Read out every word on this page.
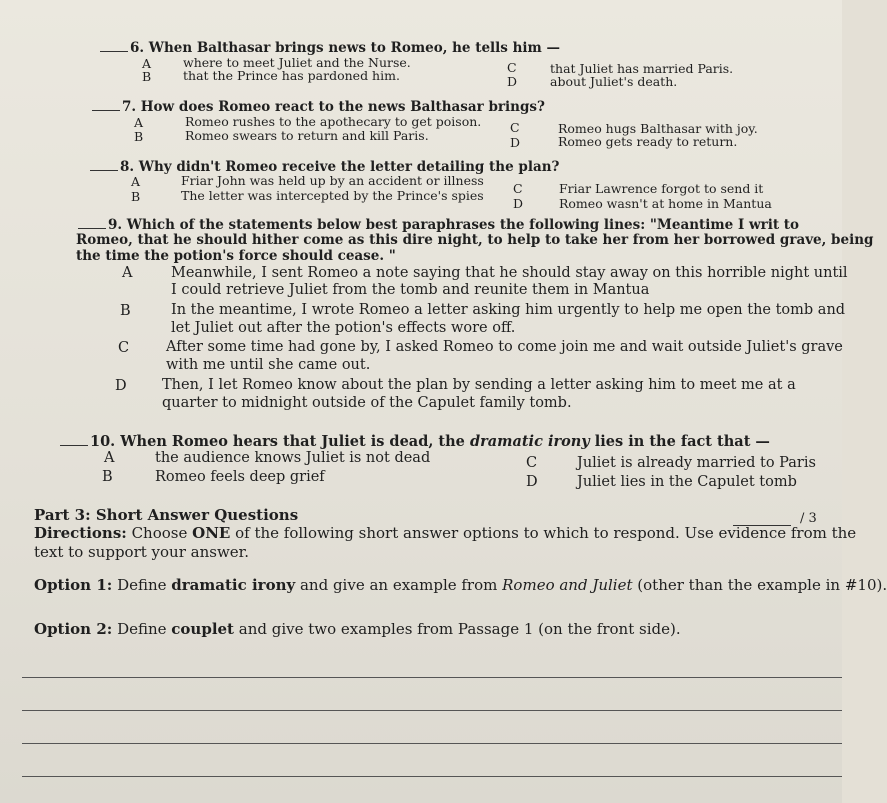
6. When Balthasar brings news to Romeo, he tells him —
A	where to meet Juliet and the Nurse.
B	that the Prince has pardoned him.
C	that Juliet has married Paris.
D	about Juliet's death.
7. How does Romeo react to the news Balthasar brings?
A	Romeo rushes to the apothecary to get poison.
B	Romeo swears to return and kill Paris.
C	Romeo hugs Balthasar with joy.
D	Romeo gets ready to return.
8. Why didn't Romeo receive the letter detailing the plan?
A	Friar John was held up by an accident or illness
B	The letter was intercepted by the Prince's spies C	Friar Lawrence forgot to send it
D	Romeo wasn't at home in Mantua
9. Which of the statements below best paraphrases the following lines: "Meantime I writ to
Romeo, that he should hither come as this dire night, to help to take her from her borrowed grave, being
the time the potion's force should cease. "
A	Meanwhile, I sent Romeo a note saying that he should stay away on this horrible night until
I could retrieve Juliet from the tomb and reunite them in Mantua
B	In the meantime, I wrote Romeo a letter asking him urgently to help me open the tomb and
let Juliet out after the potion's effects wore off.
C	After some time had gone by, I asked Romeo to come join me and wait outside Juliet's grave
with me until she came out.
D Then, I let Romeo know about the plan by sending a letter asking him to meet me at a
quarter to midnight outside of the Capulet family tomb.
10. When Romeo hears that Juliet is dead, the dramatic irony lies in the fact that —
A	the audience knows Juliet is not dead
B	Romeo feels deep grief
C	Juliet is already married to Paris
D	Juliet lies in the Capulet tomb
Part 3: Short Answer Questions	/ 3
Directions: Choose ONE of the following short answer options to which to respond. Use evidence from the
text to support your answer.
Option 1: Define dramatic irony and give an example from Romeo and Juliet (other than the example in #10).
Option 2: Define couplet and give two examples from Passage 1 (on the front side).
